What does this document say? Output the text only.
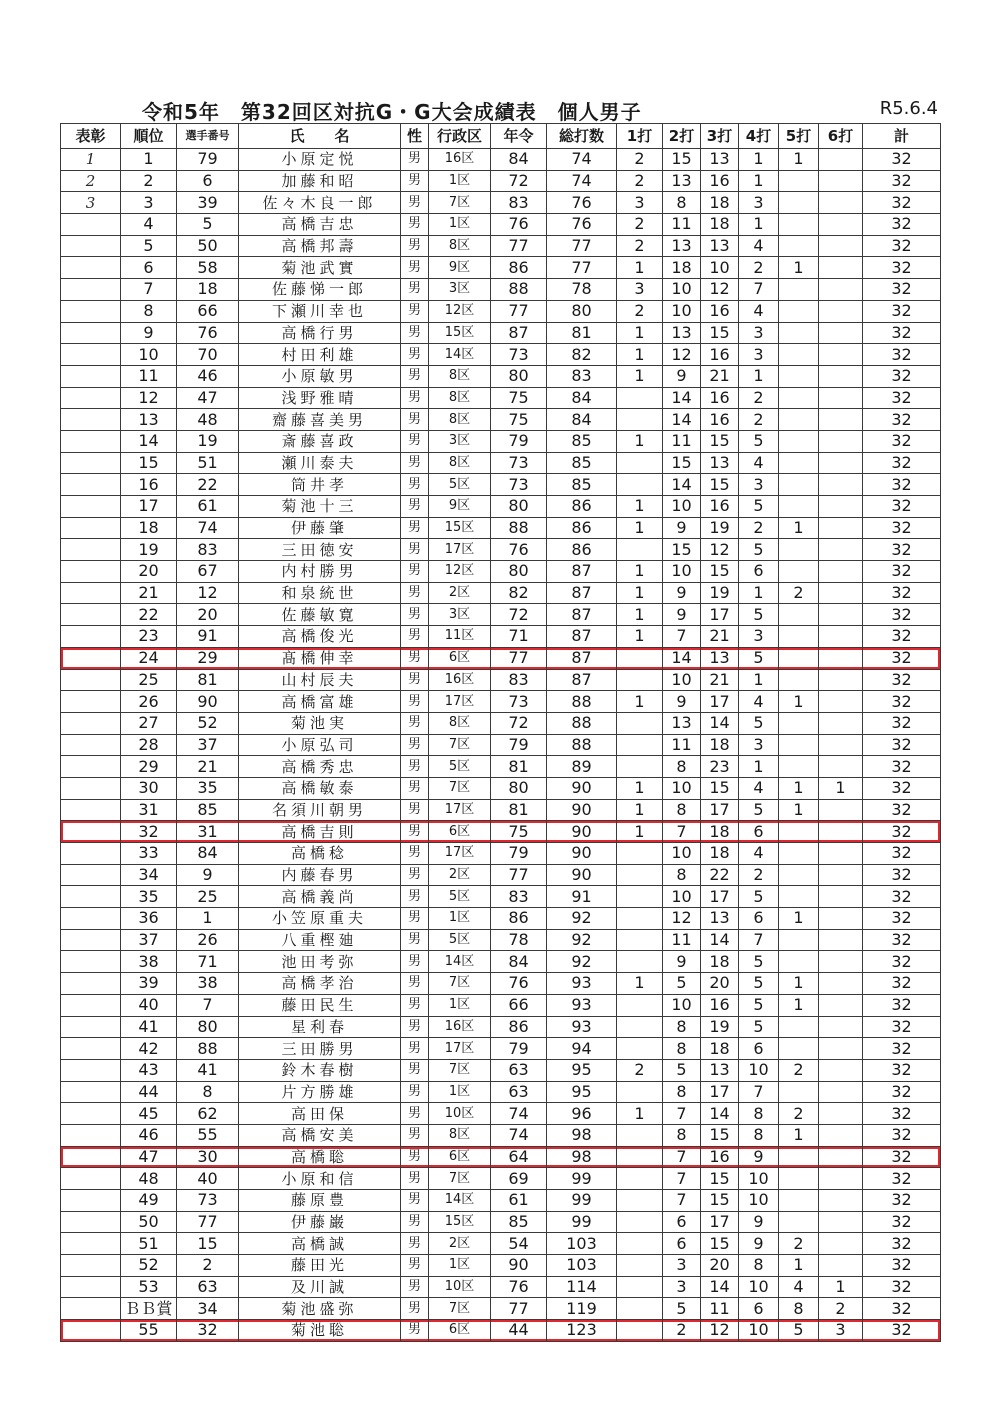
令和5年　第32回区対抗G・G大会成績表　個人男子	R5.6.4
表彰	順位	選手番号	氏　　名	性	行政区	年令	総打数	1打	2打	3打	4打	5打	6打	計
1	1	79	小原定悦	男	16区	84	74	2	15	13	1	1		32
2	2	6	加藤和昭	男	1区	72	74	2	13	16	1			32
3	3	39	佐々木良一郎	男	7区	83	76	3	8	18	3			32
	4	5	高橋吉忠	男	1区	76	76	2	11	18	1			32
	5	50	高橋邦壽	男	8区	77	77	2	13	13	4			32
	6	58	菊池武實	男	9区	86	77	1	18	10	2	1		32
	7	18	佐藤悌一郎	男	3区	88	78	3	10	12	7			32
	8	66	下瀬川幸也	男	12区	77	80	2	10	16	4			32
	9	76	高橋行男	男	15区	87	81	1	13	15	3			32
	10	70	村田利雄	男	14区	73	82	1	12	16	3			32
	11	46	小原敏男	男	8区	80	83	1	9	21	1			32
	12	47	浅野雅晴	男	8区	75	84		14	16	2			32
	13	48	齋藤喜美男	男	8区	75	84		14	16	2			32
	14	19	斎藤喜政	男	3区	79	85	1	11	15	5			32
	15	51	瀬川泰夫	男	8区	73	85		15	13	4			32
	16	22	筒井孝	男	5区	73	85		14	15	3			32
	17	61	菊池十三	男	9区	80	86	1	10	16	5			32
	18	74	伊藤肇	男	15区	88	86	1	9	19	2	1		32
	19	83	三田徳安	男	17区	76	86		15	12	5			32
	20	67	内村勝男	男	12区	80	87	1	10	15	6			32
	21	12	和泉統世	男	2区	82	87	1	9	19	1	2		32
	22	20	佐藤敏寛	男	3区	72	87	1	9	17	5			32
	23	91	高橋俊光	男	11区	71	87	1	7	21	3			32
	24	29	髙橋伸幸	男	6区	77	87		14	13	5			32
	25	81	山村辰夫	男	16区	83	87		10	21	1			32
	26	90	高橋富雄	男	17区	73	88	1	9	17	4	1		32
	27	52	菊池実	男	8区	72	88		13	14	5			32
	28	37	小原弘司	男	7区	79	88		11	18	3			32
	29	21	高橋秀忠	男	5区	81	89		8	23	1			32
	30	35	高橋敏泰	男	7区	80	90	1	10	15	4	1	1	32
	31	85	名須川朝男	男	17区	81	90	1	8	17	5	1		32
	32	31	高橋吉則	男	6区	75	90	1	7	18	6			32
	33	84	高橋稔	男	17区	79	90		10	18	4			32
	34	9	内藤春男	男	2区	77	90		8	22	2			32
	35	25	高橋義尚	男	5区	83	91		10	17	5			32
	36	1	小笠原重夫	男	1区	86	92		12	13	6	1		32
	37	26	八重樫廸	男	5区	78	92		11	14	7			32
	38	71	池田考弥	男	14区	84	92		9	18	5			32
	39	38	高橋孝治	男	7区	76	93	1	5	20	5	1		32
	40	7	藤田民生	男	1区	66	93		10	16	5	1		32
	41	80	星利春	男	16区	86	93		8	19	5			32
	42	88	三田勝男	男	17区	79	94		8	18	6			32
	43	41	鈴木春樹	男	7区	63	95	2	5	13	10	2		32
	44	8	片方勝雄	男	1区	63	95		8	17	7			32
	45	62	高田保	男	10区	74	96	1	7	14	8	2		32
	46	55	高橋安美	男	8区	74	98		8	15	8	1		32
	47	30	高橋聡	男	6区	64	98		7	16	9			32
	48	40	小原和信	男	7区	69	99		7	15	10			32
	49	73	藤原豊	男	14区	61	99		7	15	10			32
	50	77	伊藤巌	男	15区	85	99		6	17	9			32
	51	15	高橋誠	男	2区	54	103		6	15	9	2		32
	52	2	藤田光	男	1区	90	103		3	20	8	1		32
	53	63	及川誠	男	10区	76	114		3	14	10	4	1	32
	ＢＢ賞	34	菊池盛弥	男	7区	77	119		5	11	6	8	2	32
	55	32	菊池聡	男	6区	44	123		2	12	10	5	3	32
